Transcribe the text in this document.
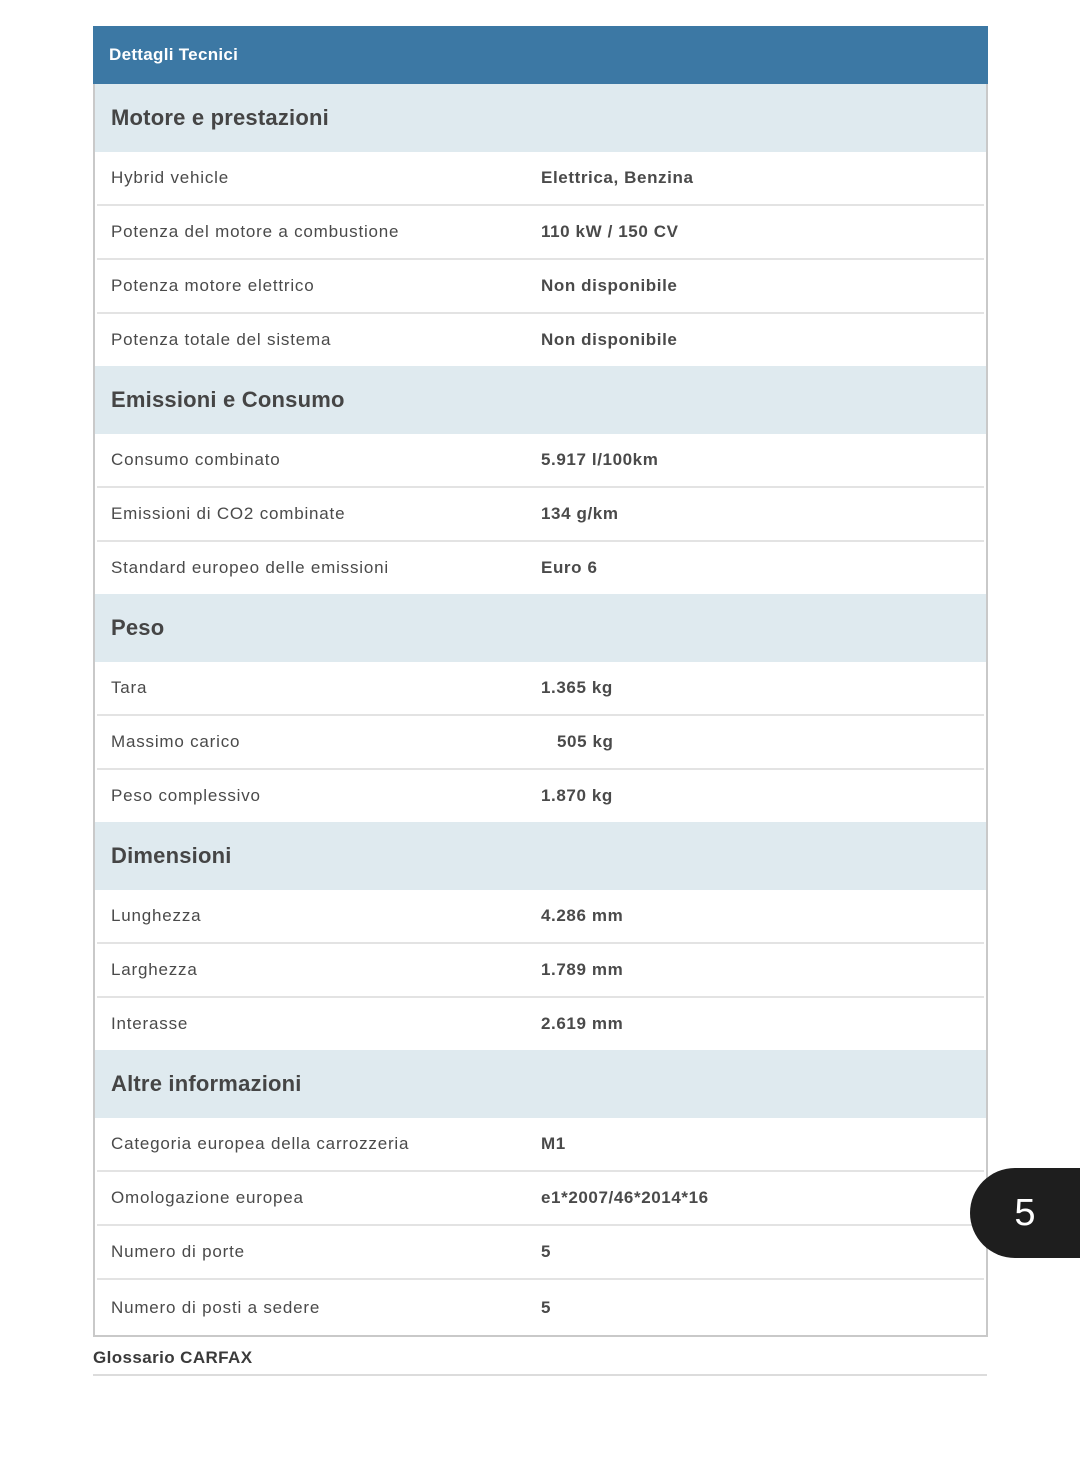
Dettagli Tecnici
Motore e prestazioni
Hybrid vehicle	Elettrica, Benzina
Potenza del motore a combustione	110 kW / 150 CV
Potenza motore elettrico	Non disponibile
Potenza totale del sistema	Non disponibile
Emissioni e Consumo
Consumo combinato	5.917 l/100km
Emissioni di CO2 combinate	134 g/km
Standard europeo delle emissioni	Euro 6
Peso
Tara	1.365 kg
Massimo carico	505 kg
Peso complessivo	1.870 kg
Dimensioni
Lunghezza	4.286 mm
Larghezza	1.789 mm
Interasse	2.619 mm
Altre informazioni
Categoria europea della carrozzeria	M1
Omologazione europea	e1*2007/46*2014*16
Numero di porte	5
Numero di posti a sedere	5
Glossario CARFAX
5
